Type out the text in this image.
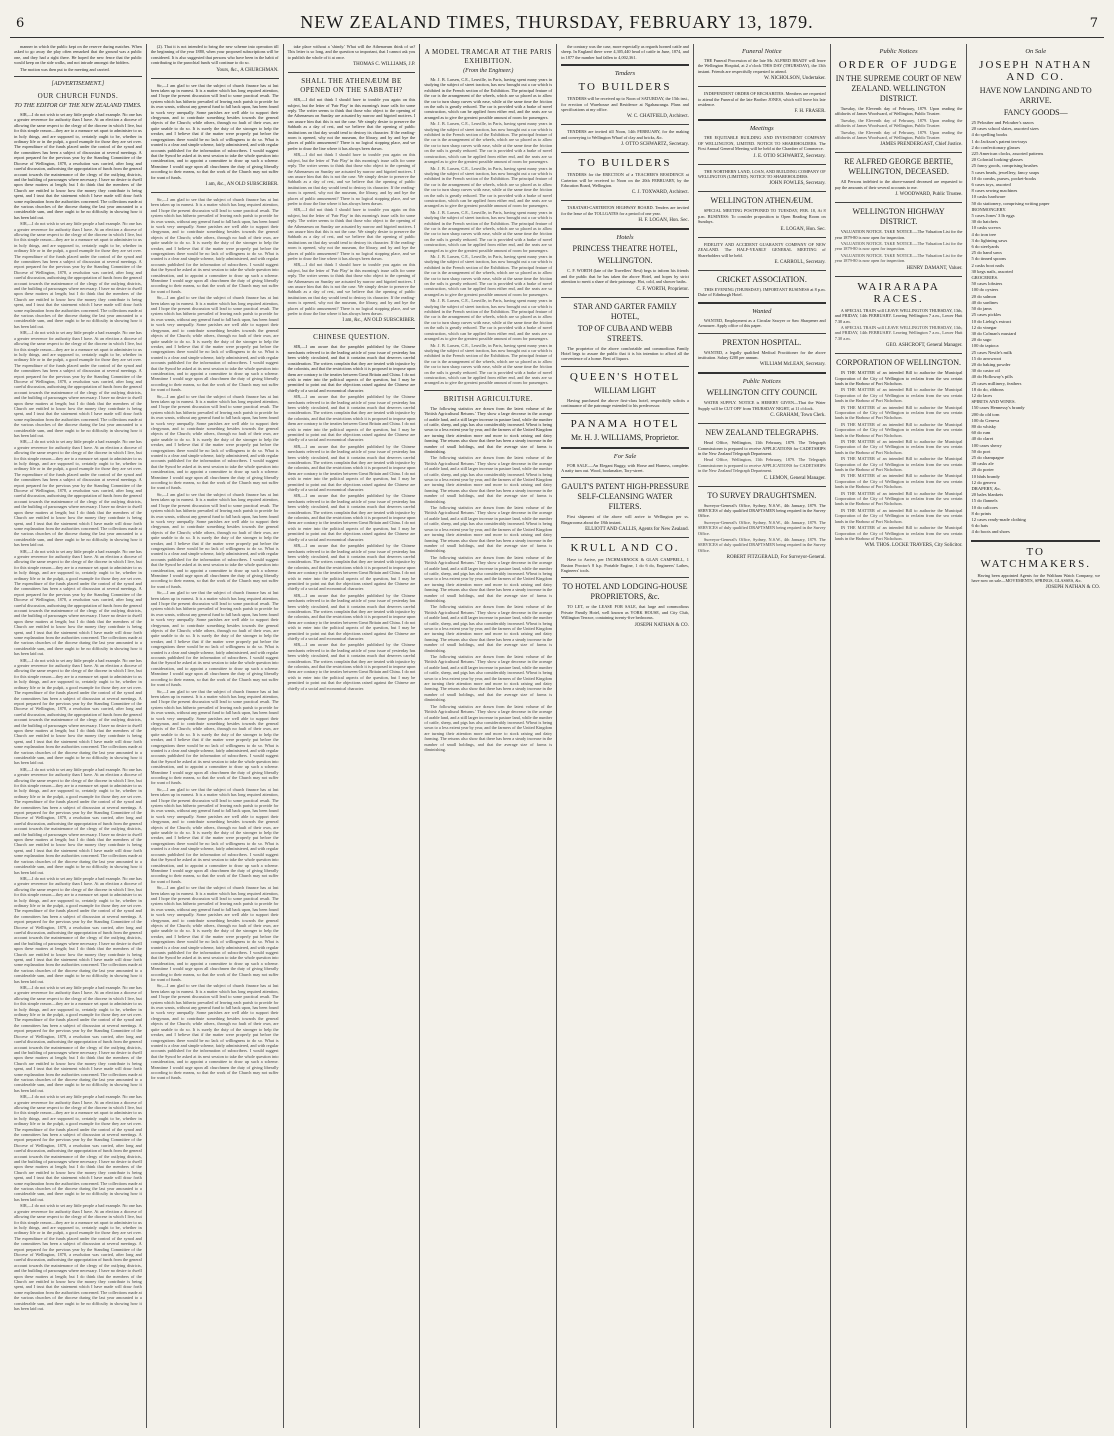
6	NEW ZEALAND TIMES, THURSDAY, FEBRUARY 13, 1879.	7

manner in which the public kept on the reserve during matches. When asked to go away the play often remarked that the ground was a public one, and they had a right there. He hoped the new fence that the public would keep on the side walks, and not intrude amongst the bidders.

The motion was then put to the meeting and carried.

[ADVERTISEMENT.]
OUR CHURCH FUNDS.
TO THE EDITOR OF THE NEW ZEALAND TIMES.

SIR,—I do not wish to set any little people a bad example. No one has a greater reverence for authority than I have. At an election a diocese of allowing the same respect to the clergy of the diocese in which I live, but for this simple reason—they are to a measure set apart to administer to us in holy things, and are supposed to, certainly ought to be, whether in ordinary life or in the pulpit, a good example for those they are set over. The expenditure of the funds placed under the control of the synod and the committees has been a subject of discussion at several meetings. A report prepared for the previous year by the Standing Committee of the Diocese of Wellington, 1878, a resolution was carried, after long and careful discussion, authorising the appropriation of funds from the general account towards the maintenance of the clergy of the outlying districts, and the building of parsonages where necessary. I have no desire to dwell upon these matters at length; but I do think that the members of the Church are entitled to know how the money they contribute is being spent, and I trust that the statement which I have made will draw forth some explanation from the authorities concerned. The collections made at the various churches of the diocese during the last year amounted to a considerable sum, and there ought to be no difficulty in showing how it has been laid out.

SIR,—I do not wish to set any little people a bad example. No one has a greater reverence for authority than I have. At an election a diocese of allowing the same respect to the clergy of the diocese in which I live, but for this simple reason—they are to a measure set apart to administer to us in holy things, and are supposed to, certainly ought to be, whether in ordinary life or in the pulpit, a good example for those they are set over. The expenditure of the funds placed under the control of the synod and the committees has been a subject of discussion at several meetings. A report prepared for the previous year by the Standing Committee of the Diocese of Wellington, 1878, a resolution was carried, after long and careful discussion, authorising the appropriation of funds from the general account towards the maintenance of the clergy of the outlying districts, and the building of parsonages where necessary. I have no desire to dwell upon these matters at length; but I do think that the members of the Church are entitled to know how the money they contribute is being spent, and I trust that the statement which I have made will draw forth some explanation from the authorities concerned. The collections made at the various churches of the diocese during the last year amounted to a considerable sum, and there ought to be no difficulty in showing how it has been laid out.

SIR,—I do not wish to set any little people a bad example. No one has a greater reverence for authority than I have. At an election a diocese of allowing the same respect to the clergy of the diocese in which I live, but for this simple reason—they are to a measure set apart to administer to us in holy things, and are supposed to, certainly ought to be, whether in ordinary life or in the pulpit, a good example for those they are set over. The expenditure of the funds placed under the control of the synod and the committees has been a subject of discussion at several meetings. A report prepared for the previous year by the Standing Committee of the Diocese of Wellington, 1878, a resolution was carried, after long and careful discussion, authorising the appropriation of funds from the general account towards the maintenance of the clergy of the outlying districts, and the building of parsonages where necessary. I have no desire to dwell upon these matters at length; but I do think that the members of the Church are entitled to know how the money they contribute is being spent, and I trust that the statement which I have made will draw forth some explanation from the authorities concerned. The collections made at the various churches of the diocese during the last year amounted to a considerable sum, and there ought to be no difficulty in showing how it has been laid out.

SIR,—I do not wish to set any little people a bad example. No one has a greater reverence for authority than I have. At an election a diocese of allowing the same respect to the clergy of the diocese in which I live, but for this simple reason—they are to a measure set apart to administer to us in holy things, and are supposed to, certainly ought to be, whether in ordinary life or in the pulpit, a good example for those they are set over. The expenditure of the funds placed under the control of the synod and the committees has been a subject of discussion at several meetings. A report prepared for the previous year by the Standing Committee of the Diocese of Wellington, 1878, a resolution was carried, after long and careful discussion, authorising the appropriation of funds from the general account towards the maintenance of the clergy of the outlying districts, and the building of parsonages where necessary. I have no desire to dwell upon these matters at length; but I do think that the members of the Church are entitled to know how the money they contribute is being spent, and I trust that the statement which I have made will draw forth some explanation from the authorities concerned. The collections made at the various churches of the diocese during the last year amounted to a considerable sum, and there ought to be no difficulty in showing how it has been laid out.

SIR,—I do not wish to set any little people a bad example. No one has a greater reverence for authority than I have. At an election a diocese of allowing the same respect to the clergy of the diocese in which I live, but for this simple reason—they are to a measure set apart to administer to us in holy things, and are supposed to, certainly ought to be, whether in ordinary life or in the pulpit, a good example for those they are set over. The expenditure of the funds placed under the control of the synod and the committees has been a subject of discussion at several meetings. A report prepared for the previous year by the Standing Committee of the Diocese of Wellington, 1878, a resolution was carried, after long and careful discussion, authorising the appropriation of funds from the general account towards the maintenance of the clergy of the outlying districts, and the building of parsonages where necessary. I have no desire to dwell upon these matters at length; but I do think that the members of the Church are entitled to know how the money they contribute is being spent, and I trust that the statement which I have made will draw forth some explanation from the authorities concerned. The collections made at the various churches of the diocese during the last year amounted to a considerable sum, and there ought to be no difficulty in showing how it has been laid out.

SIR,—I do not wish to set any little people a bad example. No one has a greater reverence for authority than I have. At an election a diocese of allowing the same respect to the clergy of the diocese in which I live, but for this simple reason—they are to a measure set apart to administer to us in holy things, and are supposed to, certainly ought to be, whether in ordinary life or in the pulpit, a good example for those they are set over. The expenditure of the funds placed under the control of the synod and the committees has been a subject of discussion at several meetings. A report prepared for the previous year by the Standing Committee of the Diocese of Wellington, 1878, a resolution was carried, after long and careful discussion, authorising the appropriation of funds from the general account towards the maintenance of the clergy of the outlying districts, and the building of parsonages where necessary. I have no desire to dwell upon these matters at length; but I do think that the members of the Church are entitled to know how the money they contribute is being spent, and I trust that the statement which I have made will draw forth some explanation from the authorities concerned. The collections made at the various churches of the diocese during the last year amounted to a considerable sum, and there ought to be no difficulty in showing how it has been laid out.

SIR,—I do not wish to set any little people a bad example. No one has a greater reverence for authority than I have. At an election a diocese of allowing the same respect to the clergy of the diocese in which I live, but for this simple reason—they are to a measure set apart to administer to us in holy things, and are supposed to, certainly ought to be, whether in ordinary life or in the pulpit, a good example for those they are set over. The expenditure of the funds placed under the control of the synod and the committees has been a subject of discussion at several meetings. A report prepared for the previous year by the Standing Committee of the Diocese of Wellington, 1878, a resolution was carried, after long and careful discussion, authorising the appropriation of funds from the general account towards the maintenance of the clergy of the outlying districts, and the building of parsonages where necessary. I have no desire to dwell upon these matters at length; but I do think that the members of the Church are entitled to know how the money they contribute is being spent, and I trust that the statement which I have made will draw forth some explanation from the authorities concerned. The collections made at the various churches of the diocese during the last year amounted to a considerable sum, and there ought to be no difficulty in showing how it has been laid out.

SIR,—I do not wish to set any little people a bad example. No one has a greater reverence for authority than I have. At an election a diocese of allowing the same respect to the clergy of the diocese in which I live, but for this simple reason—they are to a measure set apart to administer to us in holy things, and are supposed to, certainly ought to be, whether in ordinary life or in the pulpit, a good example for those they are set over. The expenditure of the funds placed under the control of the synod and the committees has been a subject of discussion at several meetings. A report prepared for the previous year by the Standing Committee of the Diocese of Wellington, 1878, a resolution was carried, after long and careful discussion, authorising the appropriation of funds from the general account towards the maintenance of the clergy of the outlying districts, and the building of parsonages where necessary. I have no desire to dwell upon these matters at length; but I do think that the members of the Church are entitled to know how the money they contribute is being spent, and I trust that the statement which I have made will draw forth some explanation from the authorities concerned. The collections made at the various churches of the diocese during the last year amounted to a considerable sum, and there ought to be no difficulty in showing how it has been laid out.

SIR,—I do not wish to set any little people a bad example. No one has a greater reverence for authority than I have. At an election a diocese of allowing the same respect to the clergy of the diocese in which I live, but for this simple reason—they are to a measure set apart to administer to us in holy things, and are supposed to, certainly ought to be, whether in ordinary life or in the pulpit, a good example for those they are set over. The expenditure of the funds placed under the control of the synod and the committees has been a subject of discussion at several meetings. A report prepared for the previous year by the Standing Committee of the Diocese of Wellington, 1878, a resolution was carried, after long and careful discussion, authorising the appropriation of funds from the general account towards the maintenance of the clergy of the outlying districts, and the building of parsonages where necessary. I have no desire to dwell upon these matters at length; but I do think that the members of the Church are entitled to know how the money they contribute is being spent, and I trust that the statement which I have made will draw forth some explanation from the authorities concerned. The collections made at the various churches of the diocese during the last year amounted to a considerable sum, and there ought to be no difficulty in showing how it has been laid out.

SIR,—I do not wish to set any little people a bad example. No one has a greater reverence for authority than I have. At an election a diocese of allowing the same respect to the clergy of the diocese in which I live, but for this simple reason—they are to a measure set apart to administer to us in holy things, and are supposed to, certainly ought to be, whether in ordinary life or in the pulpit, a good example for those they are set over. The expenditure of the funds placed under the control of the synod and the committees has been a subject of discussion at several meetings. A report prepared for the previous year by the Standing Committee of the Diocese of Wellington, 1878, a resolution was carried, after long and careful discussion, authorising the appropriation of funds from the general account towards the maintenance of the clergy of the outlying districts, and the building of parsonages where necessary. I have no desire to dwell upon these matters at length; but I do think that the members of the Church are entitled to know how the money they contribute is being spent, and I trust that the statement which I have made will draw forth some explanation from the authorities concerned. The collections made at the various churches of the diocese during the last year amounted to a considerable sum, and there ought to be no difficulty in showing how it has been laid out.

SIR,—I do not wish to set any little people a bad example. No one has a greater reverence for authority than I have. At an election a diocese of allowing the same respect to the clergy of the diocese in which I live, but for this simple reason—they are to a measure set apart to administer to us in holy things, and are supposed to, certainly ought to be, whether in ordinary life or in the pulpit, a good example for those they are set over. The expenditure of the funds placed under the control of the synod and the committees has been a subject of discussion at several meetings. A report prepared for the previous year by the Standing Committee of the Diocese of Wellington, 1878, a resolution was carried, after long and careful discussion, authorising the appropriation of funds from the general account towards the maintenance of the clergy of the outlying districts, and the building of parsonages where necessary. I have no desire to dwell upon these matters at length; but I do think that the members of the Church are entitled to know how the money they contribute is being spent, and I trust that the statement which I have made will draw forth some explanation from the authorities concerned. The collections made at the various churches of the diocese during the last year amounted to a considerable sum, and there ought to be no difficulty in showing how it has been laid out.

(2). That it is not intended to bring the new scheme into operation till the beginning of the year 1880, when your proposed subscriptions will be considered. It is also suggested that persons who have been in the habit of contributing to the parochial funds will continue to do so.

Yours, &c., A CHURCHMAN.

Sir,—I am glad to see that the subject of church finance has at last been taken up in earnest. It is a matter which has long required attention, and I hope the present discussion will lead to some practical result. The system which has hitherto prevailed of leaving each parish to provide for its own wants, without any general fund to fall back upon, has been found to work very unequally. Some parishes are well able to support their clergyman, and to contribute something besides towards the general objects of the Church; while others, through no fault of their own, are quite unable to do so. It is surely the duty of the stronger to help the weaker, and I believe that if the matter were properly put before the congregations there would be no lack of willingness to do so. What is wanted is a clear and simple scheme, fairly administered, and with regular accounts published for the information of subscribers. I would suggest that the Synod be asked at its next session to take the whole question into consideration, and to appoint a committee to draw up such a scheme. Meantime I would urge upon all churchmen the duty of giving liberally according to their means, so that the work of the Church may not suffer for want of funds.

I am, &c., AN OLD SUBSCRIBER.

Sir,—I am glad to see that the subject of church finance has at last been taken up in earnest. It is a matter which has long required attention, and I hope the present discussion will lead to some practical result. The system which has hitherto prevailed of leaving each parish to provide for its own wants, without any general fund to fall back upon, has been found to work very unequally. Some parishes are well able to support their clergyman, and to contribute something besides towards the general objects of the Church; while others, through no fault of their own, are quite unable to do so. It is surely the duty of the stronger to help the weaker, and I believe that if the matter were properly put before the congregations there would be no lack of willingness to do so. What is wanted is a clear and simple scheme, fairly administered, and with regular accounts published for the information of subscribers. I would suggest that the Synod be asked at its next session to take the whole question into consideration, and to appoint a committee to draw up such a scheme. Meantime I would urge upon all churchmen the duty of giving liberally according to their means, so that the work of the Church may not suffer for want of funds.

Sir,—I am glad to see that the subject of church finance has at last been taken up in earnest. It is a matter which has long required attention, and I hope the present discussion will lead to some practical result. The system which has hitherto prevailed of leaving each parish to provide for its own wants, without any general fund to fall back upon, has been found to work very unequally. Some parishes are well able to support their clergyman, and to contribute something besides towards the general objects of the Church; while others, through no fault of their own, are quite unable to do so. It is surely the duty of the stronger to help the weaker, and I believe that if the matter were properly put before the congregations there would be no lack of willingness to do so. What is wanted is a clear and simple scheme, fairly administered, and with regular accounts published for the information of subscribers. I would suggest that the Synod be asked at its next session to take the whole question into consideration, and to appoint a committee to draw up such a scheme. Meantime I would urge upon all churchmen the duty of giving liberally according to their means, so that the work of the Church may not suffer for want of funds.

Sir,—I am glad to see that the subject of church finance has at last been taken up in earnest. It is a matter which has long required attention, and I hope the present discussion will lead to some practical result. The system which has hitherto prevailed of leaving each parish to provide for its own wants, without any general fund to fall back upon, has been found to work very unequally. Some parishes are well able to support their clergyman, and to contribute something besides towards the general objects of the Church; while others, through no fault of their own, are quite unable to do so. It is surely the duty of the stronger to help the weaker, and I believe that if the matter were properly put before the congregations there would be no lack of willingness to do so. What is wanted is a clear and simple scheme, fairly administered, and with regular accounts published for the information of subscribers. I would suggest that the Synod be asked at its next session to take the whole question into consideration, and to appoint a committee to draw up such a scheme. Meantime I would urge upon all churchmen the duty of giving liberally according to their means, so that the work of the Church may not suffer for want of funds.

Sir,—I am glad to see that the subject of church finance has at last been taken up in earnest. It is a matter which has long required attention, and I hope the present discussion will lead to some practical result. The system which has hitherto prevailed of leaving each parish to provide for its own wants, without any general fund to fall back upon, has been found to work very unequally. Some parishes are well able to support their clergyman, and to contribute something besides towards the general objects of the Church; while others, through no fault of their own, are quite unable to do so. It is surely the duty of the stronger to help the weaker, and I believe that if the matter were properly put before the congregations there would be no lack of willingness to do so. What is wanted is a clear and simple scheme, fairly administered, and with regular accounts published for the information of subscribers. I would suggest that the Synod be asked at its next session to take the whole question into consideration, and to appoint a committee to draw up such a scheme. Meantime I would urge upon all churchmen the duty of giving liberally according to their means, so that the work of the Church may not suffer for want of funds.

Sir,—I am glad to see that the subject of church finance has at last been taken up in earnest. It is a matter which has long required attention, and I hope the present discussion will lead to some practical result. The system which has hitherto prevailed of leaving each parish to provide for its own wants, without any general fund to fall back upon, has been found to work very unequally. Some parishes are well able to support their clergyman, and to contribute something besides towards the general objects of the Church; while others, through no fault of their own, are quite unable to do so. It is surely the duty of the stronger to help the weaker, and I believe that if the matter were properly put before the congregations there would be no lack of willingness to do so. What is wanted is a clear and simple scheme, fairly administered, and with regular accounts published for the information of subscribers. I would suggest that the Synod be asked at its next session to take the whole question into consideration, and to appoint a committee to draw up such a scheme. Meantime I would urge upon all churchmen the duty of giving liberally according to their means, so that the work of the Church may not suffer for want of funds.

Sir,—I am glad to see that the subject of church finance has at last been taken up in earnest. It is a matter which has long required attention, and I hope the present discussion will lead to some practical result. The system which has hitherto prevailed of leaving each parish to provide for its own wants, without any general fund to fall back upon, has been found to work very unequally. Some parishes are well able to support their clergyman, and to contribute something besides towards the general objects of the Church; while others, through no fault of their own, are quite unable to do so. It is surely the duty of the stronger to help the weaker, and I believe that if the matter were properly put before the congregations there would be no lack of willingness to do so. What is wanted is a clear and simple scheme, fairly administered, and with regular accounts published for the information of subscribers. I would suggest that the Synod be asked at its next session to take the whole question into consideration, and to appoint a committee to draw up such a scheme. Meantime I would urge upon all churchmen the duty of giving liberally according to their means, so that the work of the Church may not suffer for want of funds.

Sir,—I am glad to see that the subject of church finance has at last been taken up in earnest. It is a matter which has long required attention, and I hope the present discussion will lead to some practical result. The system which has hitherto prevailed of leaving each parish to provide for its own wants, without any general fund to fall back upon, has been found to work very unequally. Some parishes are well able to support their clergyman, and to contribute something besides towards the general objects of the Church; while others, through no fault of their own, are quite unable to do so. It is surely the duty of the stronger to help the weaker, and I believe that if the matter were properly put before the congregations there would be no lack of willingness to do so. What is wanted is a clear and simple scheme, fairly administered, and with regular accounts published for the information of subscribers. I would suggest that the Synod be asked at its next session to take the whole question into consideration, and to appoint a committee to draw up such a scheme. Meantime I would urge upon all churchmen the duty of giving liberally according to their means, so that the work of the Church may not suffer for want of funds.

Sir,—I am glad to see that the subject of church finance has at last been taken up in earnest. It is a matter which has long required attention, and I hope the present discussion will lead to some practical result. The system which has hitherto prevailed of leaving each parish to provide for its own wants, without any general fund to fall back upon, has been found to work very unequally. Some parishes are well able to support their clergyman, and to contribute something besides towards the general objects of the Church; while others, through no fault of their own, are quite unable to do so. It is surely the duty of the stronger to help the weaker, and I believe that if the matter were properly put before the congregations there would be no lack of willingness to do so. What is wanted is a clear and simple scheme, fairly administered, and with regular accounts published for the information of subscribers. I would suggest that the Synod be asked at its next session to take the whole question into consideration, and to appoint a committee to draw up such a scheme. Meantime I would urge upon all churchmen the duty of giving liberally according to their means, so that the work of the Church may not suffer for want of funds.

Sir,—I am glad to see that the subject of church finance has at last been taken up in earnest. It is a matter which has long required attention, and I hope the present discussion will lead to some practical result. The system which has hitherto prevailed of leaving each parish to provide for its own wants, without any general fund to fall back upon, has been found to work very unequally. Some parishes are well able to support their clergyman, and to contribute something besides towards the general objects of the Church; while others, through no fault of their own, are quite unable to do so. It is surely the duty of the stronger to help the weaker, and I believe that if the matter were properly put before the congregations there would be no lack of willingness to do so. What is wanted is a clear and simple scheme, fairly administered, and with regular accounts published for the information of subscribers. I would suggest that the Synod be asked at its next session to take the whole question into consideration, and to appoint a committee to draw up such a scheme. Meantime I would urge upon all churchmen the duty of giving liberally according to their means, so that the work of the Church may not suffer for want of funds.

take place without a 'shindy.' What will the Athenaeum think of us? This letter is so long, and the question so important, that I cannot ask you to publish the whole of it at once.

THOMAS C. WILLIAMS, J.P.
SHALL THE ATHENÆUM BE OPENED ON THE SABBATH?

SIR,—I did not think I should have to trouble you again on this subject, but the letter of 'Fair Play' in this morning's issue calls for some reply. The writer seems to think that those who object to the opening of the Athenaeum on Sunday are actuated by narrow and bigoted motives. I can assure him that this is not the case. We simply desire to preserve the Sabbath as a day of rest, and we believe that the opening of public institutions on that day would tend to destroy its character. If the reading-room is opened, why not the museum, the library, and by and bye the places of public amusement? There is no logical stopping place, and we prefer to draw the line where it has always been drawn.

SIR,—I did not think I should have to trouble you again on this subject, but the letter of 'Fair Play' in this morning's issue calls for some reply. The writer seems to think that those who object to the opening of the Athenaeum on Sunday are actuated by narrow and bigoted motives. I can assure him that this is not the case. We simply desire to preserve the Sabbath as a day of rest, and we believe that the opening of public institutions on that day would tend to destroy its character. If the reading-room is opened, why not the museum, the library, and by and bye the places of public amusement? There is no logical stopping place, and we prefer to draw the line where it has always been drawn.

SIR,—I did not think I should have to trouble you again on this subject, but the letter of 'Fair Play' in this morning's issue calls for some reply. The writer seems to think that those who object to the opening of the Athenaeum on Sunday are actuated by narrow and bigoted motives. I can assure him that this is not the case. We simply desire to preserve the Sabbath as a day of rest, and we believe that the opening of public institutions on that day would tend to destroy its character. If the reading-room is opened, why not the museum, the library, and by and bye the places of public amusement? There is no logical stopping place, and we prefer to draw the line where it has always been drawn.

SIR,—I did not think I should have to trouble you again on this subject, but the letter of 'Fair Play' in this morning's issue calls for some reply. The writer seems to think that those who object to the opening of the Athenaeum on Sunday are actuated by narrow and bigoted motives. I can assure him that this is not the case. We simply desire to preserve the Sabbath as a day of rest, and we believe that the opening of public institutions on that day would tend to destroy its character. If the reading-room is opened, why not the museum, the library, and by and bye the places of public amusement? There is no logical stopping place, and we prefer to draw the line where it has always been drawn.

I am, &c., AN OLD SUBSCRIBER.
CHINESE QUESTION.

SIR,—I am aware that the pamphlet published by the Chinese merchants referred to in the leading article of your issue of yesterday has been widely circulated, and that it contains much that deserves careful consideration. The writers complain that they are treated with injustice by the colonists, and that the restrictions which it is proposed to impose upon them are contrary to the treaties between Great Britain and China. I do not wish to enter into the political aspects of the question, but I may be permitted to point out that the objections raised against the Chinese are chiefly of a social and economical character.

SIR,—I am aware that the pamphlet published by the Chinese merchants referred to in the leading article of your issue of yesterday has been widely circulated, and that it contains much that deserves careful consideration. The writers complain that they are treated with injustice by the colonists, and that the restrictions which it is proposed to impose upon them are contrary to the treaties between Great Britain and China. I do not wish to enter into the political aspects of the question, but I may be permitted to point out that the objections raised against the Chinese are chiefly of a social and economical character.

SIR,—I am aware that the pamphlet published by the Chinese merchants referred to in the leading article of your issue of yesterday has been widely circulated, and that it contains much that deserves careful consideration. The writers complain that they are treated with injustice by the colonists, and that the restrictions which it is proposed to impose upon them are contrary to the treaties between Great Britain and China. I do not wish to enter into the political aspects of the question, but I may be permitted to point out that the objections raised against the Chinese are chiefly of a social and economical character.

SIR,—I am aware that the pamphlet published by the Chinese merchants referred to in the leading article of your issue of yesterday has been widely circulated, and that it contains much that deserves careful consideration. The writers complain that they are treated with injustice by the colonists, and that the restrictions which it is proposed to impose upon them are contrary to the treaties between Great Britain and China. I do not wish to enter into the political aspects of the question, but I may be permitted to point out that the objections raised against the Chinese are chiefly of a social and economical character.

SIR,—I am aware that the pamphlet published by the Chinese merchants referred to in the leading article of your issue of yesterday has been widely circulated, and that it contains much that deserves careful consideration. The writers complain that they are treated with injustice by the colonists, and that the restrictions which it is proposed to impose upon them are contrary to the treaties between Great Britain and China. I do not wish to enter into the political aspects of the question, but I may be permitted to point out that the objections raised against the Chinese are chiefly of a social and economical character.

SIR,—I am aware that the pamphlet published by the Chinese merchants referred to in the leading article of your issue of yesterday has been widely circulated, and that it contains much that deserves careful consideration. The writers complain that they are treated with injustice by the colonists, and that the restrictions which it is proposed to impose upon them are contrary to the treaties between Great Britain and China. I do not wish to enter into the political aspects of the question, but I may be permitted to point out that the objections raised against the Chinese are chiefly of a social and economical character.

SIR,—I am aware that the pamphlet published by the Chinese merchants referred to in the leading article of your issue of yesterday has been widely circulated, and that it contains much that deserves careful consideration. The writers complain that they are treated with injustice by the colonists, and that the restrictions which it is proposed to impose upon them are contrary to the treaties between Great Britain and China. I do not wish to enter into the political aspects of the question, but I may be permitted to point out that the objections raised against the Chinese are chiefly of a social and economical character.

A MODEL TRAMCAR AT THE PARIS EXHIBITION.
(From the Engineer.)

Mr. J. B. Larsen, C.E., Leuville, in Paris, having spent many years in studying the subject of street traction, has now brought out a car which is exhibited in the French section of the Exhibition. The principal feature of the car is the arrangement of the wheels, which are so placed as to allow the car to turn sharp curves with ease, while at the same time the friction on the rails is greatly reduced. The car is provided with a brake of novel construction, which can be applied from either end, and the seats are so arranged as to give the greatest possible amount of room for passengers.

Mr. J. B. Larsen, C.E., Leuville, in Paris, having spent many years in studying the subject of street traction, has now brought out a car which is exhibited in the French section of the Exhibition. The principal feature of the car is the arrangement of the wheels, which are so placed as to allow the car to turn sharp curves with ease, while at the same time the friction on the rails is greatly reduced. The car is provided with a brake of novel construction, which can be applied from either end, and the seats are so arranged as to give the greatest possible amount of room for passengers.

Mr. J. B. Larsen, C.E., Leuville, in Paris, having spent many years in studying the subject of street traction, has now brought out a car which is exhibited in the French section of the Exhibition. The principal feature of the car is the arrangement of the wheels, which are so placed as to allow the car to turn sharp curves with ease, while at the same time the friction on the rails is greatly reduced. The car is provided with a brake of novel construction, which can be applied from either end, and the seats are so arranged as to give the greatest possible amount of room for passengers.

Mr. J. B. Larsen, C.E., Leuville, in Paris, having spent many years in studying the subject of street traction, has now brought out a car which is exhibited in the French section of the Exhibition. The principal feature of the car is the arrangement of the wheels, which are so placed as to allow the car to turn sharp curves with ease, while at the same time the friction on the rails is greatly reduced. The car is provided with a brake of novel construction, which can be applied from either end, and the seats are so arranged as to give the greatest possible amount of room for passengers.

Mr. J. B. Larsen, C.E., Leuville, in Paris, having spent many years in studying the subject of street traction, has now brought out a car which is exhibited in the French section of the Exhibition. The principal feature of the car is the arrangement of the wheels, which are so placed as to allow the car to turn sharp curves with ease, while at the same time the friction on the rails is greatly reduced. The car is provided with a brake of novel construction, which can be applied from either end, and the seats are so arranged as to give the greatest possible amount of room for passengers.

Mr. J. B. Larsen, C.E., Leuville, in Paris, having spent many years in studying the subject of street traction, has now brought out a car which is exhibited in the French section of the Exhibition. The principal feature of the car is the arrangement of the wheels, which are so placed as to allow the car to turn sharp curves with ease, while at the same time the friction on the rails is greatly reduced. The car is provided with a brake of novel construction, which can be applied from either end, and the seats are so arranged as to give the greatest possible amount of room for passengers.

Mr. J. B. Larsen, C.E., Leuville, in Paris, having spent many years in studying the subject of street traction, has now brought out a car which is exhibited in the French section of the Exhibition. The principal feature of the car is the arrangement of the wheels, which are so placed as to allow the car to turn sharp curves with ease, while at the same time the friction on the rails is greatly reduced. The car is provided with a brake of novel construction, which can be applied from either end, and the seats are so arranged as to give the greatest possible amount of room for passengers.

BRITISH AGRICULTURE.

The following statistics are drawn from the latest volume of the 'British Agricultural Returns.' They show a large decrease in the acreage of arable land, and a still larger increase in pasture land, while the number of cattle, sheep, and pigs has also considerably increased. Wheat is being sown to a less extent year by year, and the farmers of the United Kingdom are turning their attention more and more to stock raising and dairy farming. The returns also show that there has been a steady increase in the number of small holdings, and that the average size of farms is diminishing.

The following statistics are drawn from the latest volume of the 'British Agricultural Returns.' They show a large decrease in the acreage of arable land, and a still larger increase in pasture land, while the number of cattle, sheep, and pigs has also considerably increased. Wheat is being sown to a less extent year by year, and the farmers of the United Kingdom are turning their attention more and more to stock raising and dairy farming. The returns also show that there has been a steady increase in the number of small holdings, and that the average size of farms is diminishing.

The following statistics are drawn from the latest volume of the 'British Agricultural Returns.' They show a large decrease in the acreage of arable land, and a still larger increase in pasture land, while the number of cattle, sheep, and pigs has also considerably increased. Wheat is being sown to a less extent year by year, and the farmers of the United Kingdom are turning their attention more and more to stock raising and dairy farming. The returns also show that there has been a steady increase in the number of small holdings, and that the average size of farms is diminishing.

The following statistics are drawn from the latest volume of the 'British Agricultural Returns.' They show a large decrease in the acreage of arable land, and a still larger increase in pasture land, while the number of cattle, sheep, and pigs has also considerably increased. Wheat is being sown to a less extent year by year, and the farmers of the United Kingdom are turning their attention more and more to stock raising and dairy farming. The returns also show that there has been a steady increase in the number of small holdings, and that the average size of farms is diminishing.

The following statistics are drawn from the latest volume of the 'British Agricultural Returns.' They show a large decrease in the acreage of arable land, and a still larger increase in pasture land, while the number of cattle, sheep, and pigs has also considerably increased. Wheat is being sown to a less extent year by year, and the farmers of the United Kingdom are turning their attention more and more to stock raising and dairy farming. The returns also show that there has been a steady increase in the number of small holdings, and that the average size of farms is diminishing.

The following statistics are drawn from the latest volume of the 'British Agricultural Returns.' They show a large decrease in the acreage of arable land, and a still larger increase in pasture land, while the number of cattle, sheep, and pigs has also considerably increased. Wheat is being sown to a less extent year by year, and the farmers of the United Kingdom are turning their attention more and more to stock raising and dairy farming. The returns also show that there has been a steady increase in the number of small holdings, and that the average size of farms is diminishing.

The following statistics are drawn from the latest volume of the 'British Agricultural Returns.' They show a large decrease in the acreage of arable land, and a still larger increase in pasture land, while the number of cattle, sheep, and pigs has also considerably increased. Wheat is being sown to a less extent year by year, and the farmers of the United Kingdom are turning their attention more and more to stock raising and dairy farming. The returns also show that there has been a steady increase in the number of small holdings, and that the average size of farms is diminishing.

the contrary was the case, more especially as regards horned cattle and sheep. In England there were 4,305,440 head of cattle in June, 1874, and in 1877 the number had fallen to 4,002,361.

Tenders
TO BUILDERS

TENDERS will be received up to Noon of SATURDAY, the 15th inst., for erection of Warehouse and Residence at Ngahauranga. Plans and specifications at my office.

W. C. CHATFIELD, Architect.

TENDERS are invited till Noon, 14th FEBRUARY, for the making and conveying to Wellington Wharf of clay and bricks, &c.

J. OTTO SCHWARTZ, Secretary.
TO BUILDERS

TENDERS for the ERECTION of a TEACHER'S RESIDENCE at Carterton will be received to Noon on the 20th FEBRUARY, by the Education Board, Wellington.

C. J. TOXWARD, Architect.

TARATAHI-CARTERTON HIGHWAY BOARD. Tenders are invited for the lease of the TOLLGATES for a period of one year.

H. F. LOGAN, Hon. Sec.
Hotels
PRINCESS THEATRE HOTEL,
WELLINGTON.

C. F. WORTH (late of the Travellers' Rest) begs to inform his friends and the public that he has taken the above Hotel, and hopes by strict attention to merit a share of their patronage. Hot, cold, and shower baths.

C. F. WORTH, Proprietor.
STAR AND GARTER FAMILY HOTEL,
TOP OF CUBA AND WEBB STREETS.

The proprietor of the above comfortable and commodious Family Hotel begs to assure the public that it is his intention to afford all the convenience of a home. Best of liquors.

QUEEN'S HOTEL
WILLIAM LIGHT

Having purchased the above first-class hotel, respectfully solicits a continuance of the patronage extended to his predecessor.

PANAMA HOTEL
Mr. H. J. WILLIAMS, Proprietor.
For Sale

FOR SALE.—An Elegant Buggy, with Horse and Harness, complete. A natty turn out. Wood, bookmaker, Tory-street.

GAULT'S PATENT HIGH-PRESSURE SELF-CLEANSING WATER FILTERS.

First shipment of the above will arrive to Wellington per ss. Ringarooma about the 18th instant.

ELLIOTT AND CALLIS, Agents for New Zealand.
KRULL AND CO.

Have to Arrive, per INCHMARNOCK & GLAN CAMPBELL, 1 Ruston Proctor's 8 h.p. Portable Engine, 1 do 6 do, Engineers' Lathes, Engineers' tools.

TO HOTEL AND LODGING-HOUSE PROPRIETORS, &c.

TO LET, or the LEASE FOR SALE, that large and commodious Private Family Hotel, well known as YORK HOUSE, and City Club, Willington Terrace, containing twenty-five bedrooms.

JOSEPH NATHAN & CO.
Funeral Notice

THE Funeral Procession of the late Mr. ALFRED BRADY will leave the Wellington Hospital, at 2 o'clock THIS DAY (THURSDAY), the 13th instant. Friends are respectfully requested to attend.

W. NICHOLSON, Undertaker.

INDEPENDENT ORDER OF RECHABITES. Members are requested to attend the Funeral of the late Brother JONES, which will leave his late residence.

F. H. FRASER.
Meetings

THE EQUITABLE BUILDING AND INVESTMENT COMPANY OF WELLINGTON, LIMITED. NOTICE TO SHAREHOLDERS. The First Annual General Meeting will be held at the Chamber of Commerce.

J. E. OTIO SCHWARTZ, Secretary.

THE NORTHERN LAND, LOAN, AND BUILDING COMPANY OF WELLINGTON (LIMITED). NOTICE TO SHAREHOLDERS.

JOHN FOWLES, Secretary.
WELLINGTON ATHENÆUM.

SPECIAL MEETING POSTPONED TO TUESDAY, FEB. 18, At 8 p.m. BUSINESS: To consider proposition to Open Reading Room on Sundays.

E. LOGAN, Hon. Sec.

FIDELITY AND ACCIDENT GUARANTY COMPANY OF NEW ZEALAND. The HALF-YEARLY GENERAL MEETING of Shareholders will be held.

E. CARROLL, Secretary.
CRICKET ASSOCIATION.

THIS EVENING (THURSDAY). IMPORTANT BUSINESS at 8 p.m. Duke of Edinburgh Hotel.

Wanted

WANTED, Employment as a Circular Sawyer or Saw Sharpener and Armourer. Apply office of this paper.

PREXTON HOSPITAL.

WANTED, a legally qualified Medical Practitioner for the above institution. Salary £200 per annum.

WILLIAM McLEAN, Secretary.
Public Notices
WELLINGTON CITY COUNCIL

WATER SUPPLY. NOTICE is HEREBY GIVEN—That the Water Supply will be CUT OFF from THURSDAY NIGHT, at 11 o'clock.

C. GRAHAM, Town Clerk.
NEW ZEALAND TELEGRAPHS.

Head Office, Wellington, 11th February, 1879. The Telegraph Commissioner is prepared to receive APPLICATIONS for CADETSHIPS in the New Zealand Telegraph Department.

Head Office, Wellington, 11th February, 1879. The Telegraph Commissioner is prepared to receive APPLICATIONS for CADETSHIPS in the New Zealand Telegraph Department.

C. LEMON, General Manager.
TO SURVEY DRAUGHTSMEN.

Surveyor-General's Office, Sydney, N.S.W., 4th January, 1879. The SERVICES of duly qualified DRAFTSMEN being required in the Survey Office.

Surveyor-General's Office, Sydney, N.S.W., 4th January, 1879. The SERVICES of duly qualified DRAFTSMEN being required in the Survey Office.

Surveyor-General's Office, Sydney, N.S.W., 4th January, 1879. The SERVICES of duly qualified DRAFTSMEN being required in the Survey Office.

ROBERT FITZGERALD, For Surveyor-General.
Public Notices
ORDER OF JUDGE
IN THE SUPREME COURT OF NEW ZEALAND. WELLINGTON DISTRICT.

Tuesday, the Eleventh day of February, 1879. Upon reading the affidavits of James Woodward, of Wellington, Public Trustee.

Tuesday, the Eleventh day of February, 1879. Upon reading the affidavits of James Woodward, of Wellington, Public Trustee.

Tuesday, the Eleventh day of February, 1879. Upon reading the affidavits of James Woodward, of Wellington, Public Trustee.

JAMES PRENDERGAST, Chief Justice.
RE ALFRED GEORGE BERTIE, WELLINGTON, DECEASED.

All Persons indebted to the above-named deceased are requested to pay the amounts of their several accounts to me.

J. WOODWARD, Public Trustee.
WELLINGTON HIGHWAY DISTRICT.

VALUATION NOTICE. TAKE NOTICE.—The Valuation List for the year 1879-80 is now open for inspection.

VALUATION NOTICE. TAKE NOTICE.—The Valuation List for the year 1879-80 is now open for inspection.

VALUATION NOTICE. TAKE NOTICE.—The Valuation List for the year 1879-80 is now open for inspection.

HENRY DAMANT, Valuer.
WAIRARAPA RACES.

A SPECIAL TRAIN will LEAVE WELLINGTON THURSDAY, 13th, and FRIDAY, 14th FEBRUARY. Leaving Wellington 7 a.m., Lower Hutt 7.30 a.m.

A SPECIAL TRAIN will LEAVE WELLINGTON THURSDAY, 13th, and FRIDAY, 14th FEBRUARY. Leaving Wellington 7 a.m., Lower Hutt 7.30 a.m.

GEO. ASHCROFT, General Manager.
CORPORATION OF WELLINGTON.

IN THE MATTER of an intended Bill to authorise the Municipal Corporation of the City of Wellington to reclaim from the sea certain lands in the Harbour of Port Nicholson.

IN THE MATTER of an intended Bill to authorise the Municipal Corporation of the City of Wellington to reclaim from the sea certain lands in the Harbour of Port Nicholson.

IN THE MATTER of an intended Bill to authorise the Municipal Corporation of the City of Wellington to reclaim from the sea certain lands in the Harbour of Port Nicholson.

IN THE MATTER of an intended Bill to authorise the Municipal Corporation of the City of Wellington to reclaim from the sea certain lands in the Harbour of Port Nicholson.

IN THE MATTER of an intended Bill to authorise the Municipal Corporation of the City of Wellington to reclaim from the sea certain lands in the Harbour of Port Nicholson.

IN THE MATTER of an intended Bill to authorise the Municipal Corporation of the City of Wellington to reclaim from the sea certain lands in the Harbour of Port Nicholson.

IN THE MATTER of an intended Bill to authorise the Municipal Corporation of the City of Wellington to reclaim from the sea certain lands in the Harbour of Port Nicholson.

IN THE MATTER of an intended Bill to authorise the Municipal Corporation of the City of Wellington to reclaim from the sea certain lands in the Harbour of Port Nicholson.

IN THE MATTER of an intended Bill to authorise the Municipal Corporation of the City of Wellington to reclaim from the sea certain lands in the Harbour of Port Nicholson.

IN THE MATTER of an intended Bill to authorise the Municipal Corporation of the City of Wellington to reclaim from the sea certain lands in the Harbour of Port Nicholson.

WM. THOS. LOCKE TRAVERS, City Solicitor.
On Sale
JOSEPH NATHAN AND CO.
HAVE NOW LANDING AND TO ARRIVE.
FANCY GOODS—
25 Pelouber and Pelouber's razors
20 cases school slates, assorted sizes
4 do spelling books
1 do Jackson's patent tea-trays
2 do confectionary glasses
225 American clocks, assorted patterns
20 Colonial looking-glasses
25 fancy goods, comprising brushes
5 cases beads, jewellery, fancy soaps
10 do combs, purses, pocket-books
6 cases toys, assorted
8 cases sewing machines
10 casks hardware
50 do stationery, comprising writing paper
IRONMONGERY.
5 cases Jones' 3 lb eggs
30 do hatchets
10 casks screws
4 do iron tree
3 do lightning saws
6 do steelyards
25 do hand saws
5 do tinned spoons
2 casks boot nails
30 kegs nails, assorted
GROCERIES.
50 cases lobsters
100 do oysters
20 do salmon
40 do sardines
50 do jams
25 cases pickles
10 do Liebig's extract
12 do vinegar
30 do Colman's mustard
20 do sago
100 do tapioca
25 cases Nestle's milk
15 do arrowroot
20 do baking powder
30 do castor oil
40 do Holloway's pills
25 cases millinery, feathers
18 do do, ribbons
12 do laces
SPIRITS AND WINES.
150 cases Hennessy's brandy
200 do old tom
100 do Geneva
80 do whisky
60 do rum
40 do claret
100 cases sherry
50 do port
25 do champagne
30 casks ale
20 do porter
10 hhds brandy
12 do geneva
DRAPERY, &c.
20 bales blankets
15 do flannels
10 do calicoes
8 do prints
12 cases ready-made clothing
6 do hats
4 do boots and shoes
TO WATCHMAKERS.

Having been appointed Agents for the Waltham Watch Company, we have now on sale—MOVEMENTS, SPRINGS, GLASSES, &c.

JOSEPH NATHAN & CO.
